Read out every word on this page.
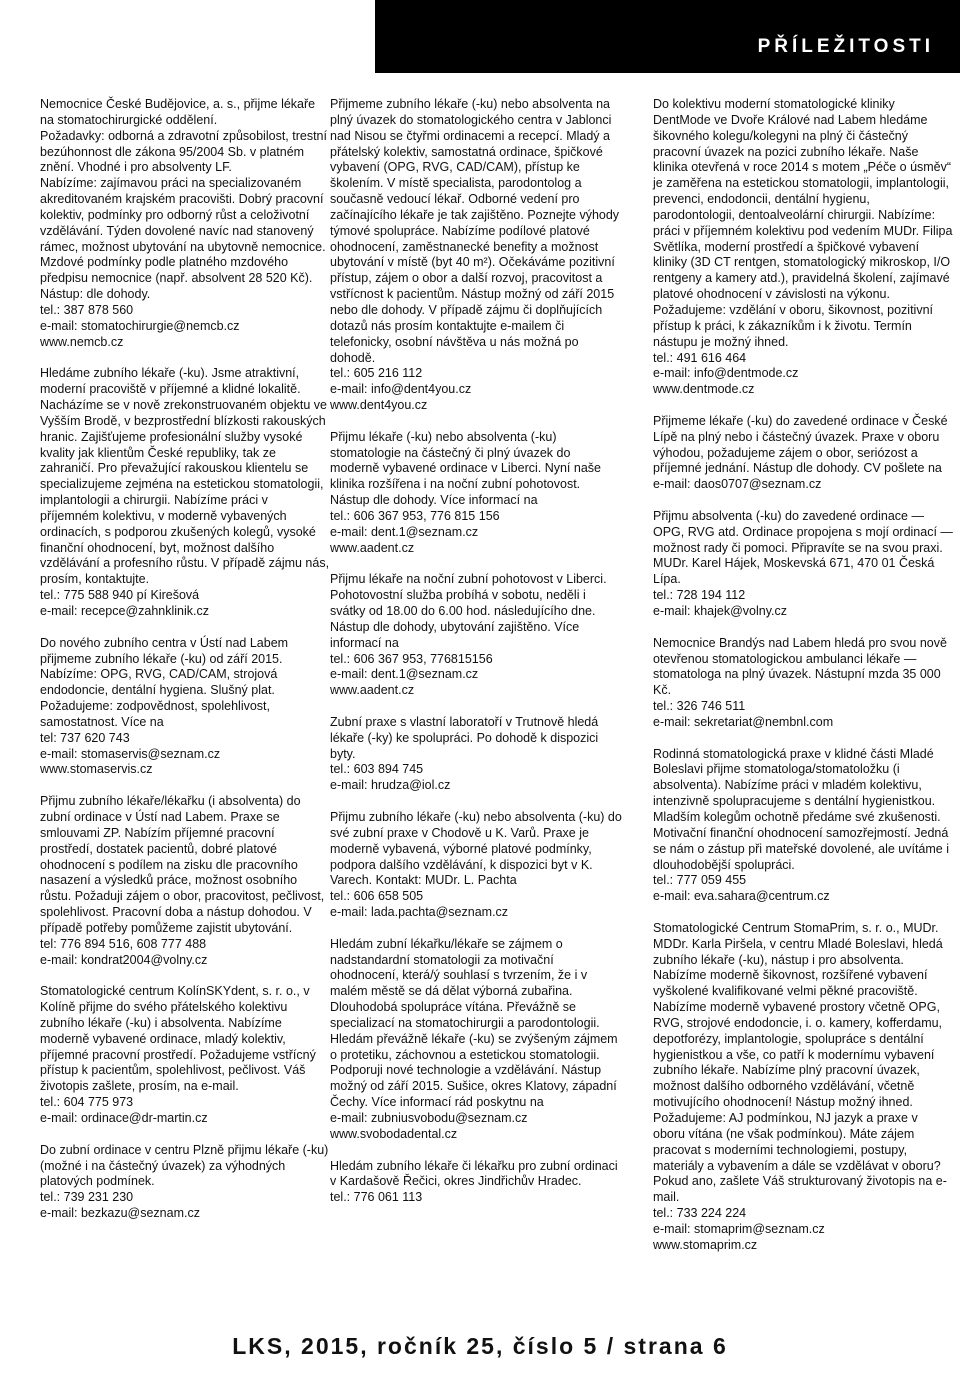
PŘÍLEŽITOSTI

Nemocnice České Budějovice, a. s., přijme lékaře na stomatochirurgické oddělení.
Požadavky: odborná a zdravotní způsobilost, trestní bezúhonnost dle zákona 95/2004 Sb. v platném znění. Vhodné i pro absolventy LF.
Nabízíme: zajímavou práci na specializovaném akreditovaném krajském pracovišti. Dobrý pracovní kolektiv, podmínky pro odborný růst a celoživotní vzdělávání. Týden dovolené navíc nad stanovený rámec, možnost ubytování na ubytovně nemocnice. Mzdové podmínky podle platného mzdového předpisu nemocnice (např. absolvent 28 520 Kč). Nástup: dle dohody.
tel.: 387 878 560
e-mail: stomatochirurgie@nemcb.cz
www.nemcb.cz

Hledáme zubního lékaře (-ku). Jsme atraktivní, moderní pracoviště v příjemné a klidné lokalitě. Nacházíme se v nově zrekonstruovaném objektu ve Vyšším Brodě, v bezprostřední blízkosti rakouských hranic. Zajišťujeme profesionální služby vysoké kvality jak klientům České republiky, tak ze zahraničí. Pro převažující rakouskou klientelu se specializujeme zejména na estetickou stomatologii, implantologii a chirurgii. Nabízíme práci v příjemném kolektivu, v moderně vybavených ordinacích, s podporou zkušených kolegů, vysoké finanční ohodnocení, byt, možnost dalšího vzdělávání a profesního růstu. V případě zájmu nás, prosím, kontaktujte.
tel.: 775 588 940 pí Kirešová
e-mail: recepce@zahnklinik.cz

Do nového zubního centra v Ústí nad Labem přijmeme zubního lékaře (-ku) od září 2015. Nabízíme: OPG, RVG, CAD/CAM, strojová endodoncie, dentální hygiena. Slušný plat. Požadujeme: zodpovědnost, spolehlivost, samostatnost. Více na
tel: 737 620 743
e-mail: stomaservis@seznam.cz
www.stomaservis.cz

Přijmu zubního lékaře/lékařku (i absolventa) do zubní ordinace v Ústí nad Labem. Praxe se smlouvami ZP. Nabízím příjemné pracovní prostředí, dostatek pacientů, dobré platové ohodnocení s podílem na zisku dle pracovního nasazení a výsledků práce, možnost osobního růstu. Požaduji zájem o obor, pracovitost, pečlivost, spolehlivost. Pracovní doba a nástup dohodou. V případě potřeby pomůžeme zajistit ubytování.
tel: 776 894 516, 608 777 488
e-mail: kondrat2004@volny.cz

Stomatologické centrum KolínSKYdent, s. r. o., v Kolíně přijme do svého přátelského kolektivu zubního lékaře (-ku) i absolventa. Nabízíme moderně vybavené ordinace, mladý kolektiv, příjemné pracovní prostředí. Požadujeme vstřícný přístup k pacientům, spolehlivost, pečlivost. Váš životopis zašlete, prosím, na e-mail.
tel.: 604 775 973
e-mail: ordinace@dr-martin.cz

Do zubní ordinace v centru Plzně přijmu lékaře (-ku) (možné i na částečný úvazek) za výhodných platových podmínek.
tel.: 739 231 230
e-mail: bezkazu@seznam.cz

Přijmeme zubního lékaře (-ku) nebo absolventa na plný úvazek do stomatologického centra v Jablonci nad Nisou se čtyřmi ordinacemi a recepcí. Mladý a přátelský kolektiv, samostatná ordinace, špičkové vybavení (OPG, RVG, CAD/CAM), přístup ke školením. V místě specialista, parodontolog a současně vedoucí lékař. Odborné vedení pro začínajícího lékaře je tak zajištěno. Poznejte výhody týmové spolupráce. Nabízíme podílové platové ohodnocení, zaměstnanecké benefity a možnost ubytování v místě (byt 40 m²). Očekáváme pozitivní přístup, zájem o obor a další rozvoj, pracovitost a vstřícnost k pacientům. Nástup možný od září 2015 nebo dle dohody. V případě zájmu či doplňujících dotazů nás prosím kontaktujte e-mailem či telefonicky, osobní návštěva u nás možná po dohodě.
tel.: 605 216 112
e-mail: info@dent4you.cz
www.dent4you.cz

Přijmu lékaře (-ku) nebo absolventa (-ku) stomatologie na částečný či plný úvazek do moderně vybavené ordinace v Liberci. Nyní naše klinika rozšířena i na noční zubní pohotovost. Nástup dle dohody. Více informací na
tel.: 606 367 953, 776 815 156
e-mail: dent.1@seznam.cz
www.aadent.cz

Přijmu lékaře na noční zubní pohotovost v Liberci. Pohotovostní služba probíhá v sobotu, neděli i svátky od 18.00 do 6.00 hod. následujícího dne. Nástup dle dohody, ubytování zajištěno. Více informací na
tel.: 606 367 953, 776815156
e-mail: dent.1@seznam.cz
www.aadent.cz

Zubní praxe s vlastní laboratoří v Trutnově hledá lékaře (-ky) ke spolupráci. Po dohodě k dispozici byty.
tel.: 603 894 745
e-mail: hrudza@iol.cz

Přijmu zubního lékaře (-ku) nebo absolventa (-ku) do své zubní praxe v Chodově u K. Varů. Praxe je moderně vybavená, výborné platové podmínky, podpora dalšího vzdělávání, k dispozici byt v K. Varech. Kontakt: MUDr. L. Pachta
tel.: 606 658 505
e-mail: lada.pachta@seznam.cz

Hledám zubní lékařku/lékaře se zájmem o nadstandardní stomatologii za motivační ohodnocení, která/ý souhlasí s tvrzením, že i v malém městě se dá dělat výborná zubařina. Dlouhodobá spolupráce vítána. Převážně se specializací na stomatochirurgii a parodontologii. Hledám převážně lékaře (-ku) se zvýšeným zájmem o protetiku, záchovnou a estetickou stomatologii. Podporuji nové technologie a vzdělávání. Nástup možný od září 2015. Sušice, okres Klatovy, západní Čechy. Více informací rád poskytnu na
e-mail: zubniusvobodu@seznam.cz
www.svobodadental.cz

Hledám zubního lékaře či lékařku pro zubní ordinaci v Kardašově Řečici, okres Jindřichův Hradec.
tel.: 776 061 113

Do kolektivu moderní stomatologické kliniky DentMode ve Dvoře Králové nad Labem hledáme šikovného kolegu/kolegyni na plný či částečný pracovní úvazek na pozici zubního lékaře. Naše klinika otevřená v roce 2014 s motem „Péče o úsměv“ je zaměřena na estetickou stomatologii, implantologii, prevenci, endodoncii, dentální hygienu, parodontologii, dentoalveolární chirurgii. Nabízíme: práci v příjemném kolektivu pod vedením MUDr. Filipa Světlíka, moderní prostředí a špičkové vybavení kliniky (3D CT rentgen, stomatologický mikroskop, I/O rentgeny a kamery atd.), pravidelná školení, zajímavé platové ohodnocení v závislosti na výkonu. Požadujeme: vzdělání v oboru, šikovnost, pozitivní přístup k práci, k zákazníkům i k životu. Termín nástupu je možný ihned.
tel.: 491 616 464
e-mail: info@dentmode.cz
www.dentmode.cz

Přijmeme lékaře (-ku) do zavedené ordinace v České Lípě na plný nebo i částečný úvazek. Praxe v oboru výhodou, požadujeme zájem o obor, seriózost a příjemné jednání. Nástup dle dohody. CV pošlete na
e-mail: daos0707@seznam.cz

Přijmu absolventa (-ku) do zavedené ordinace — OPG, RVG atd. Ordinace propojena s mojí ordinací — možnost rady či pomoci. Připravíte se na svou praxi. MUDr. Karel Hájek, Moskevská 671, 470 01 Česká Lípa.
tel.: 728 194 112
e-mail: khajek@volny.cz

Nemocnice Brandýs nad Labem hledá pro svou nově otevřenou stomatologickou ambulanci lékaře — stomatologa na plný úvazek. Nástupní mzda 35 000 Kč.
tel.: 326 746 511
e-mail: sekretariat@nembnl.com

Rodinná stomatologická praxe v klidné části Mladé Boleslavi přijme stomatologa/stomatoložku (i absolventa). Nabízíme práci v mladém kolektivu, intenzivně spolupracujeme s dentální hygienistkou. Mladším kolegům ochotně předáme své zkušenosti. Motivační finanční ohodnocení samozřejmostí. Jedná se nám o zástup při mateřské dovolené, ale uvítáme i dlouhodobější spolupráci.
tel.: 777 059 455
e-mail: eva.sahara@centrum.cz

Stomatologické Centrum StomaPrim, s. r. o., MUDr. MDDr. Karla Piršela, v centru Mladé Boleslavi, hledá zubního lékaře (-ku), nástup i pro absolventa. Nabízíme moderně šikovnost, rozšířené vybavení vyškolené kvalifikované velmi pěkné pracoviště. Nabízíme moderně vybavené prostory včetně OPG, RVG, strojové endodoncie, i. o. kamery, kofferdamu, depotforézy, implantologie, spolupráce s dentální hygienistkou a vše, co patří k modernímu vybavení zubního lékaře. Nabízíme plný pracovní úvazek, možnost dalšího odborného vzdělávání, včetně motivujícího ohodnocení! Nástup možný ihned. Požadujeme: AJ podmínkou, NJ jazyk a praxe v oboru vítána (ne však podmínkou). Máte zájem pracovat s moderními technologiemi, postupy, materiály a vybavením a dále se vzdělávat v oboru? Pokud ano, zašlete Váš strukturovaný životopis na e-mail.
tel.: 733 224 224
e-mail: stomaprim@seznam.cz
www.stomaprim.cz

LKS, 2015, ročník 25, číslo 5 / strana 6
